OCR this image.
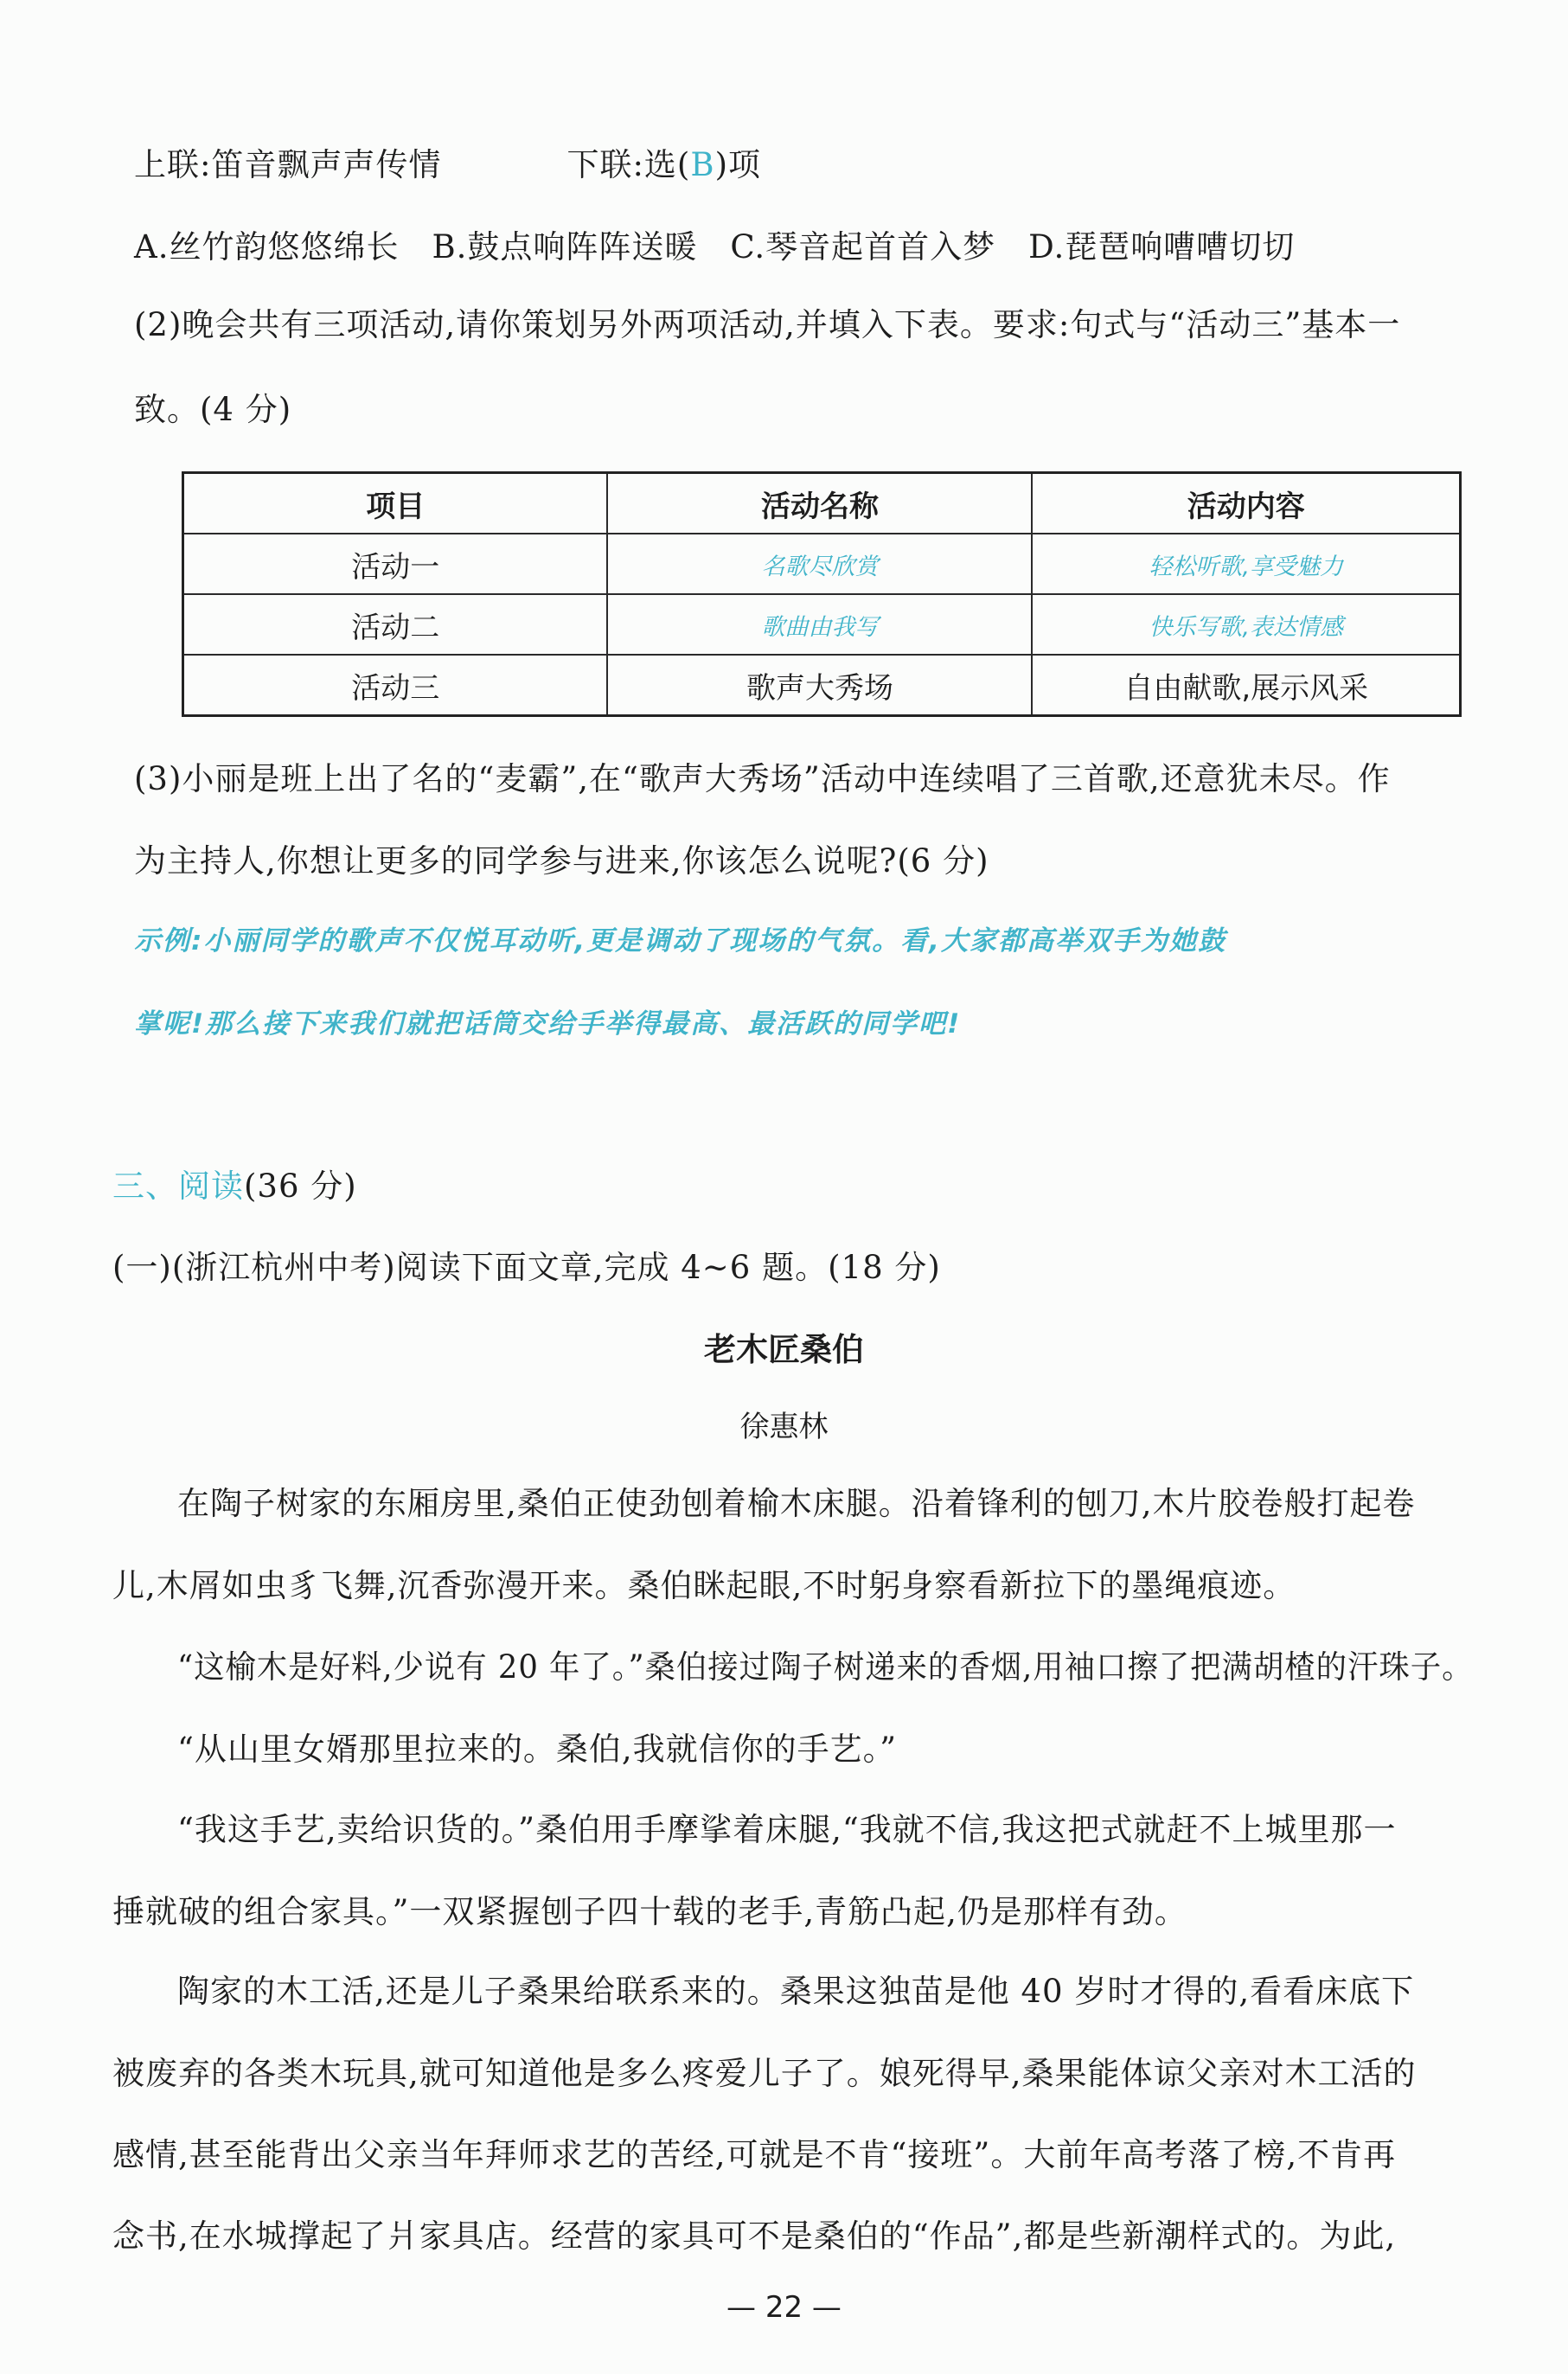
上联:笛音飘声声传情	下联:选(B)项
A.丝竹韵悠悠绵长　B.鼓点响阵阵送暖　C.琴音起首首入梦　D.琵琶响嘈嘈切切
(2)晚会共有三项活动,请你策划另外两项活动,并填入下表。要求:句式与“活动三”基本一
致。(4 分)
项目	活动名称	活动内容
活动一	名歌尽欣赏	轻松听歌,享受魅力
活动二	歌曲由我写	快乐写歌,表达情感
活动三	歌声大秀场	自由献歌,展示风采
(3)小丽是班上出了名的“麦霸”,在“歌声大秀场”活动中连续唱了三首歌,还意犹未尽。作
为主持人,你想让更多的同学参与进来,你该怎么说呢?(6 分)
示例:小丽同学的歌声不仅悦耳动听,更是调动了现场的气氛。看,大家都高举双手为她鼓
掌呢!那么接下来我们就把话筒交给手举得最高、最活跃的同学吧!
三、阅读(36 分)
(一)(浙江杭州中考)阅读下面文章,完成 4~6 题。(18 分)
老木匠桑伯
徐惠林
在陶子树家的东厢房里,桑伯正使劲刨着榆木床腿。沿着锋利的刨刀,木片胶卷般打起卷
儿,木屑如虫豸飞舞,沉香弥漫开来。桑伯眯起眼,不时躬身察看新拉下的墨绳痕迹。
“这榆木是好料,少说有 20 年了。”桑伯接过陶子树递来的香烟,用袖口擦了把满胡楂的汗珠子。
“从山里女婿那里拉来的。桑伯,我就信你的手艺。”
“我这手艺,卖给识货的。”桑伯用手摩挲着床腿,“我就不信,我这把式就赶不上城里那一
捶就破的组合家具。”一双紧握刨子四十载的老手,青筋凸起,仍是那样有劲。
陶家的木工活,还是儿子桑果给联系来的。桑果这独苗是他 40 岁时才得的,看看床底下
被废弃的各类木玩具,就可知道他是多么疼爱儿子了。娘死得早,桑果能体谅父亲对木工活的
感情,甚至能背出父亲当年拜师求艺的苦经,可就是不肯“接班”。大前年高考落了榜,不肯再
念书,在水城撑起了爿家具店。经营的家具可不是桑伯的“作品”,都是些新潮样式的。为此,
— 22 —
